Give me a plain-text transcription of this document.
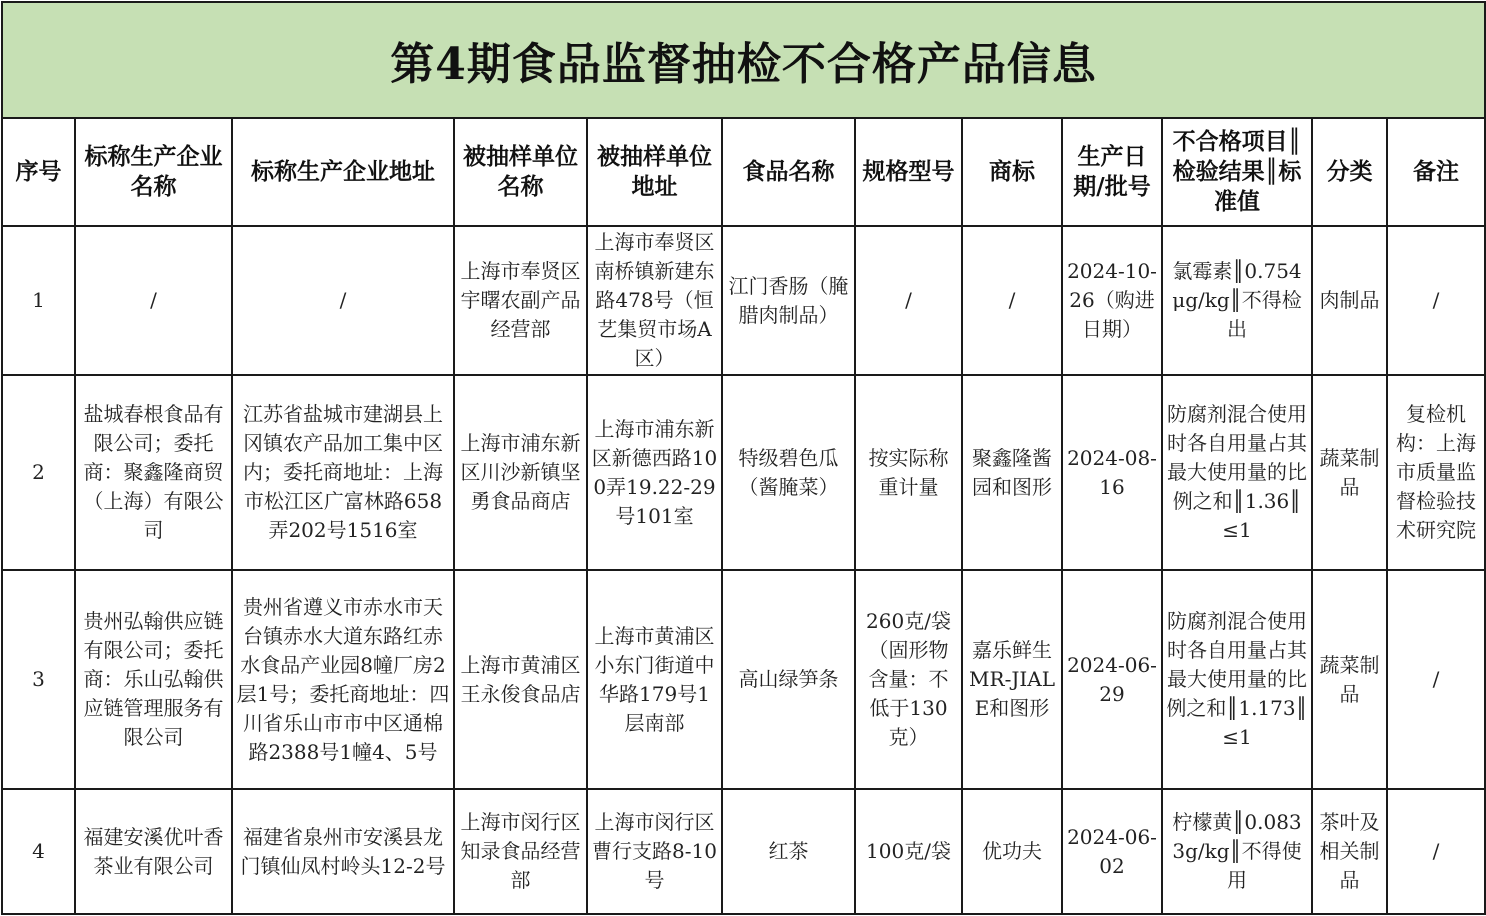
第4期食品监督抽检不合格产品信息											
序号	标称生产企业名称	标称生产企业地址	被抽样单位名称	被抽样单位地址	食品名称	规格型号	商标	生产日期/批号	不合格项目║检验结果║标准值	分类	备注
1	/	/	上海市奉贤区宇曙农副产品经营部	上海市奉贤区南桥镇新建东路478号（恒艺集贸市场A区）	江门香肠（腌腊肉制品）	/	/	2024-10-26（购进日期）	氯霉素║0.754μg/kg║不得检出	肉制品	/
2	盐城春根食品有限公司；委托商：聚鑫隆商贸（上海）有限公司	江苏省盐城市建湖县上冈镇农产品加工集中区内；委托商地址：上海市松江区广富林路658弄202号1516室	上海市浦东新区川沙新镇坚勇食品商店	上海市浦东新区新德西路100弄19.22-29号101室	特级碧色瓜（酱腌菜）	按实际称重计量	聚鑫隆酱园和图形	2024-08-16	防腐剂混合使用时各自用量占其最大使用量的比例之和║1.36║≤1	蔬菜制品	复检机构：上海市质量监督检验技术研究院
3	贵州弘翰供应链有限公司；委托商：乐山弘翰供应链管理服务有限公司	贵州省遵义市赤水市天台镇赤水大道东路红赤水食品产业园8幢厂房2层1号；委托商地址：四川省乐山市市中区通棉路2388号1幢4、5号	上海市黄浦区王永俊食品店	上海市黄浦区小东门街道中华路179号1层南部	高山绿笋条	260克/袋（固形物含量：不低于130克）	嘉乐鲜生MR-JIALE和图形	2024-06-29	防腐剂混合使用时各自用量占其最大使用量的比例之和║1.173║≤1	蔬菜制品	/
4	福建安溪优叶香茶业有限公司	福建省泉州市安溪县龙门镇仙凤村岭头12-2号	上海市闵行区知录食品经营部	上海市闵行区曹行支路8-10号	红茶	100克/袋	优功夫	2024-06-02	柠檬黄║0.0833g/kg║不得使用	茶叶及相关制品	/
